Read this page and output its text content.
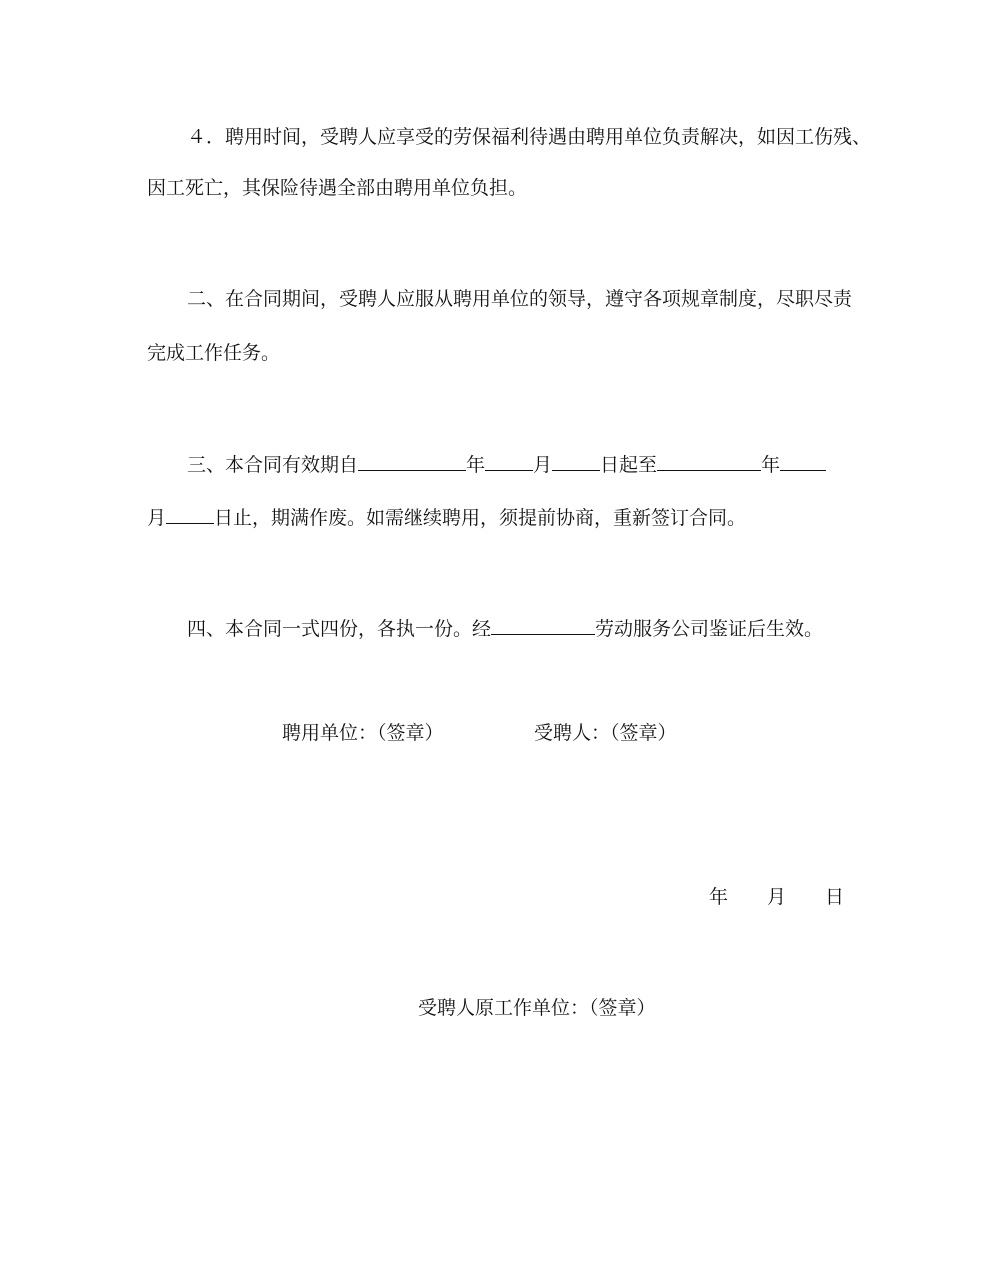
４．聘用时间，受聘人应享受的劳保福利待遇由聘用单位负责解决，如因工伤残、
因工死亡，其保险待遇全部由聘用单位负担。
二、在合同期间，受聘人应服从聘用单位的领导，遵守各项规章制度，尽职尽责
完成工作任务。
三、本合同有效期自	年	月	日起至	年
月	日止，期满作废。如需继续聘用，须提前协商，重新签订合同。
四、本合同一式四份，各执一份。经	劳动服务公司鉴证后生效。
聘用单位：（签章）	受聘人：（签章）
年 月 日
受聘人原工作单位：（签章）
